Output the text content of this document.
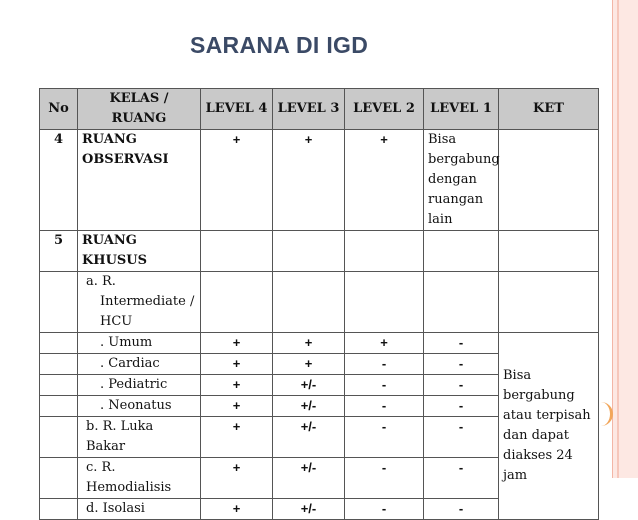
SARANA DI IGD
No	KELAS / RUANG	LEVEL 4	LEVEL 3	LEVEL 2	LEVEL 1	KET	
4	RUANG OBSERVASI	+	+	+	Bisa bergabung dengan ruangan lain		
5	RUANG KHUSUS						
	a. R. Intermediate / HCU						
	. Umum	+	+	+	-	Bisa bergabung atau terpisah dan dapat diakses 24 jam	
	. Cardiac	+	+	-	-		
	. Pediatric	+	+/-	-	-		
	. Neonatus	+	+/-	-	-		
	b. R. Luka Bakar	+	+/-	-	-		
	c. R. Hemodialisis	+	+/-	-	-		
	d. Isolasi	+	+/-	-	-		
